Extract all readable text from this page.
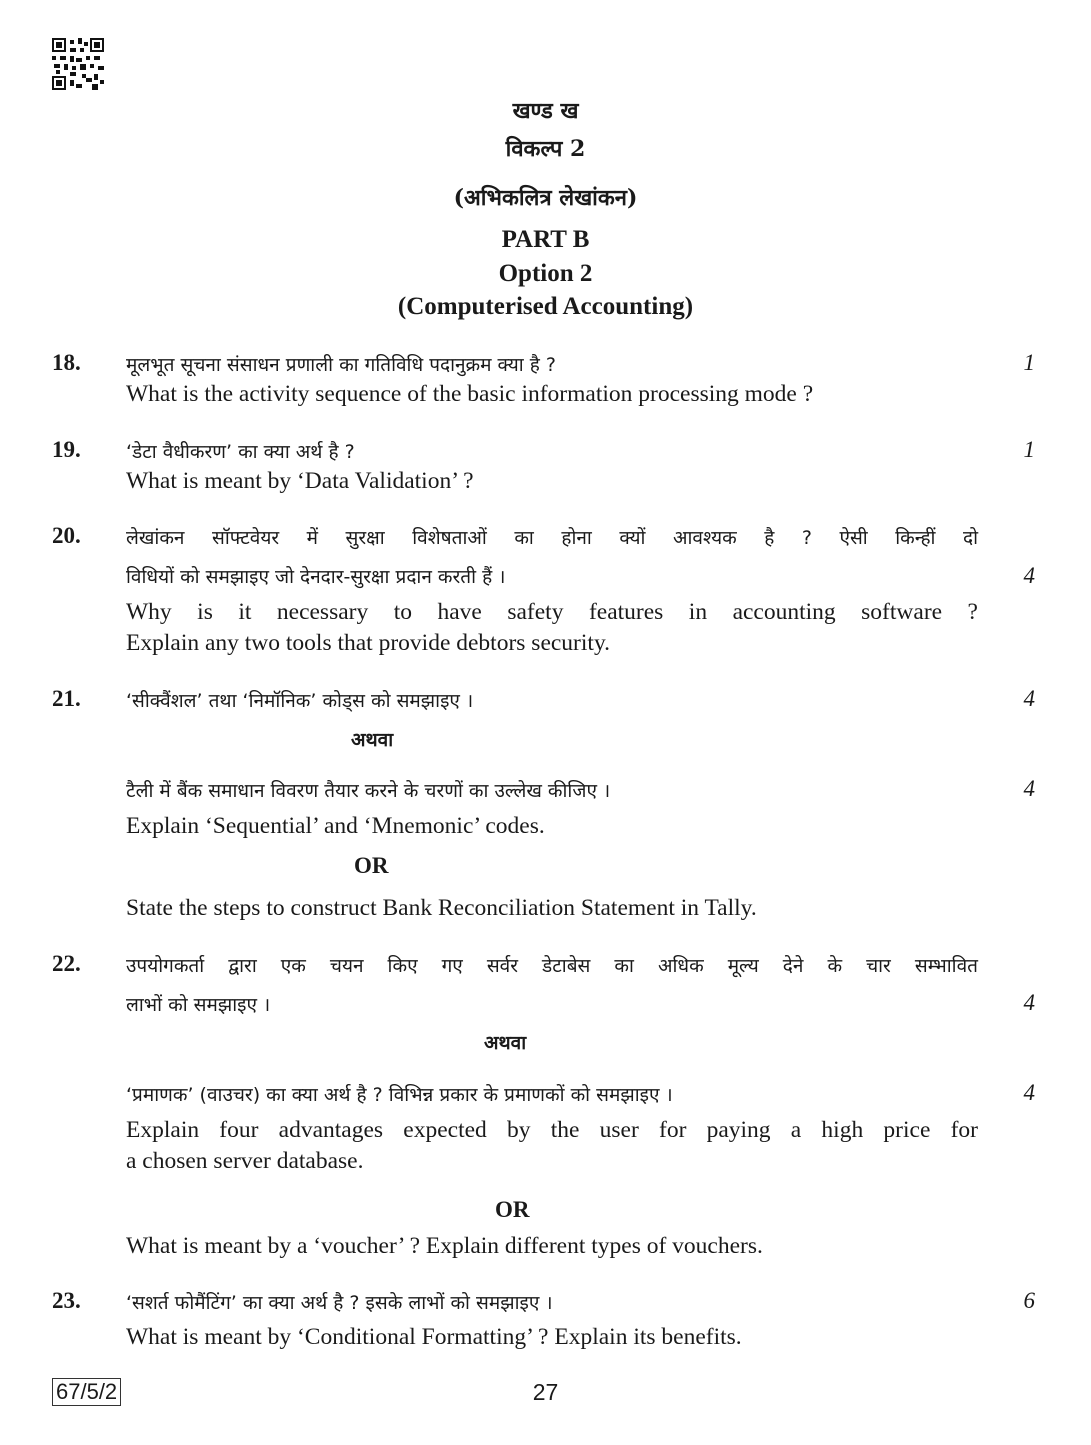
खण्ड ख
विकल्प 2
(अभिकलित्र लेखांकन)
PART B
Option 2
(Computerised Accounting)
18. मूलभूत सूचना संसाधन प्रणाली का गतिविधि पदानुक्रम क्या है ?
What is the activity sequence of the basic information processing mode ?
1
19. ‘डेटा वैधीकरण’ का क्या अर्थ है ?
What is meant by ‘Data Validation’ ?
1
20. लेखांकन सॉफ्टवेयर में सुरक्षा विशेषताओं का होना क्यों आवश्यक है ? ऐसी किन्हीं दो
विधियों को समझाइए जो देनदार-सुरक्षा प्रदान करती हैं ।	4
Why is it necessary to have safety features in accounting software ?
Explain any two tools that provide debtors security.
21. ‘सीक्वैंशल’ तथा ‘निमॉनिक’ कोड्स को समझाइए ।	4
अथवा
टैली में बैंक समाधान विवरण तैयार करने के चरणों का उल्लेख कीजिए ।	4
Explain ‘Sequential’ and ‘Mnemonic’ codes.
OR
State the steps to construct Bank Reconciliation Statement in Tally.
22. उपयोगकर्ता द्वारा एक चयन किए गए सर्वर डेटाबेस का अधिक मूल्य देने के चार सम्भावित
लाभों को समझाइए ।	4
अथवा
‘प्रमाणक’ (वाउचर) का क्या अर्थ है ? विभिन्न प्रकार के प्रमाणकों को समझाइए ।	4
Explain four advantages expected by the user for paying a high price for
a chosen server database.
OR
What is meant by a ‘voucher’ ? Explain different types of vouchers.
23. ‘सशर्त फोमैंटिंग’ का क्या अर्थ है ? इसके लाभों को समझाइए ।	6
What is meant by ‘Conditional Formatting’ ? Explain its benefits.
67/5/2	27
